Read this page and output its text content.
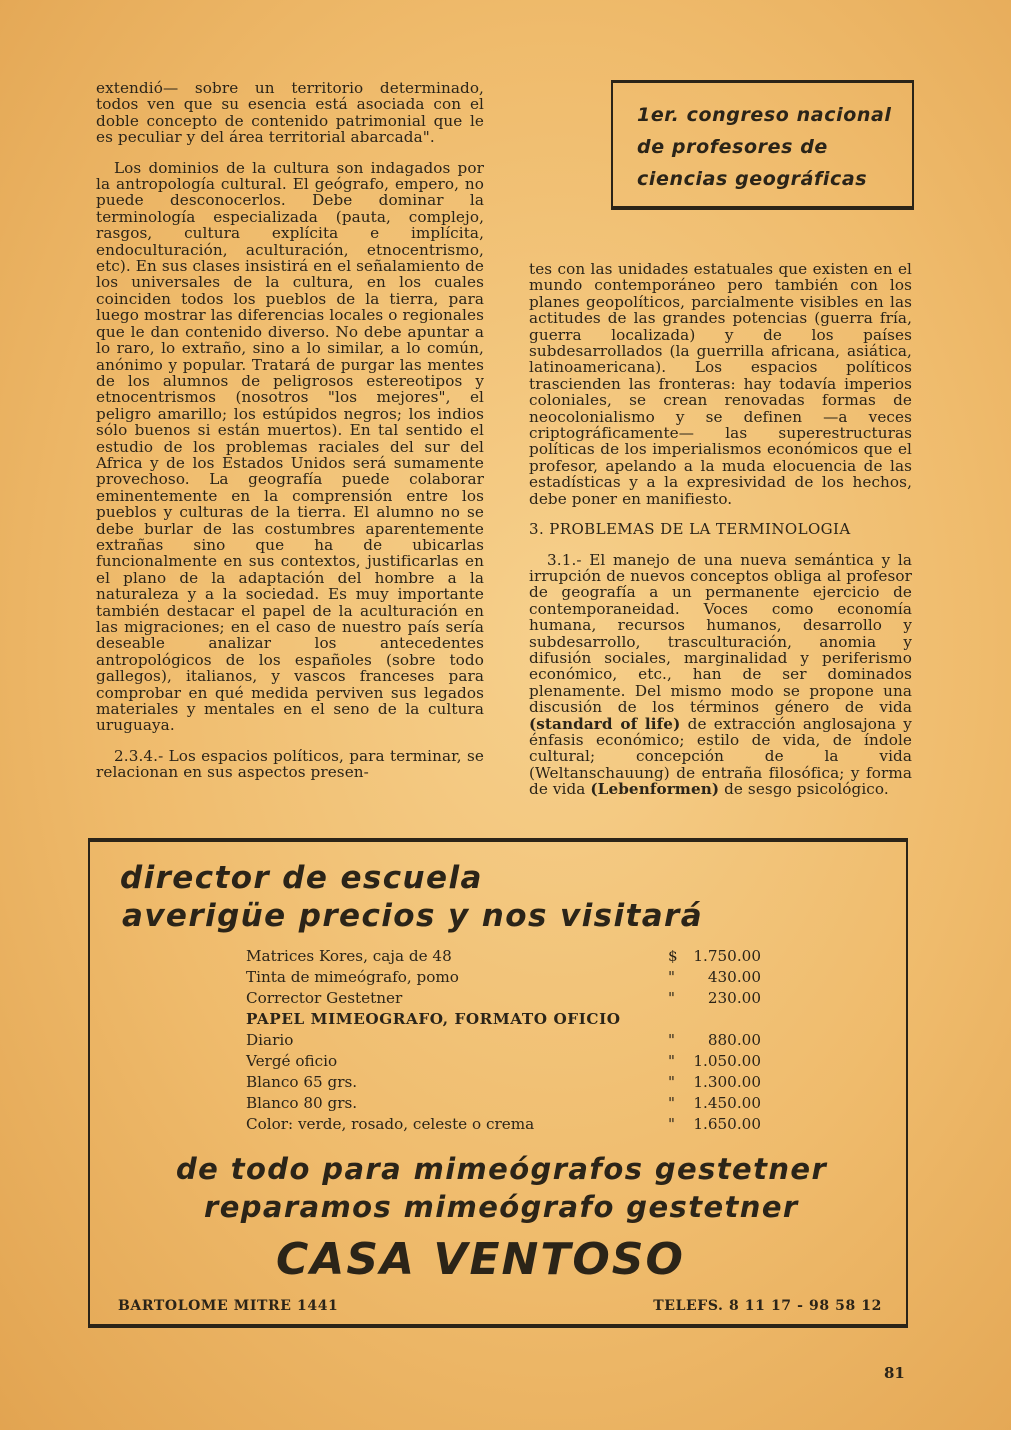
extendió— sobre un territorio determinado, todos ven que su esencia está asociada con el doble concepto de contenido patrimonial que le es peculiar y del área territorial abarcada".

Los dominios de la cultura son indagados por la antropología cultural. El geógrafo, empero, no puede desconocerlos. Debe dominar la terminología especializada (pauta, complejo, rasgos, cultura explícita e implícita, endoculturación, aculturación, etnocentrismo, etc). En sus clases insistirá en el señalamiento de los universales de la cultura, en los cuales coinciden todos los pueblos de la tierra, para luego mostrar las diferencias locales o regionales que le dan contenido diverso. No debe apuntar a lo raro, lo extraño, sino a lo similar, a lo común, anónimo y popular. Tratará de purgar las mentes de los alumnos de peligrosos estereotipos y etnocentrismos (nosotros "los mejores", el peligro amarillo; los estúpidos negros; los indios sólo buenos si están muertos). En tal sentido el estudio de los problemas raciales del sur del Africa y de los Estados Unidos será sumamente provechoso. La geografía puede colaborar eminentemente en la comprensión entre los pueblos y culturas de la tierra. El alumno no se debe burlar de las costumbres aparentemente extrañas sino que ha de ubicarlas funcionalmente en sus contextos, justificarlas en el plano de la adaptación del hombre a la naturaleza y a la sociedad. Es muy importante también destacar el papel de la aculturación en las migraciones; en el caso de nuestro país sería deseable analizar los antecedentes antropológicos de los españoles (sobre todo gallegos), italianos, y vascos franceses para comprobar en qué medida perviven sus legados materiales y mentales en el seno de la cultura uruguaya.

2.3.4.- Los espacios políticos, para terminar, se relacionan en sus aspectos presen-

1er. congreso nacional
de profesores de
ciencias geográficas

tes con las unidades estatuales que existen en el mundo contemporáneo pero también con los planes geopolíticos, parcialmente visibles en las actitudes de las grandes potencias (guerra fría, guerra localizada) y de los países subdesarrollados (la guerrilla africana, asiática, latinoamericana). Los espacios políticos trascienden las fronteras: hay todavía imperios coloniales, se crean renovadas formas de neocolonialismo y se definen —a veces criptográficamente— las superestructuras políticas de los imperialismos económicos que el profesor, apelando a la muda elocuencia de las estadísticas y a la expresividad de los hechos, debe poner en manifiesto.

3. PROBLEMAS DE LA TERMINOLOGIA

3.1.- El manejo de una nueva semántica y la irrupción de nuevos conceptos obliga al profesor de geografía a un permanente ejercicio de contemporaneidad. Voces como economía humana, recursos humanos, desarrollo y subdesarrollo, trasculturación, anomia y difusión sociales, marginalidad y periferismo económico, etc., han de ser dominados plenamente. Del mismo modo se propone una discusión de los términos género de vida (standard of life) de extracción anglosajona y énfasis económico; estilo de vida, de índole cultural; concepción de la vida (Weltanschauung) de entraña filosófica; y forma de vida (Lebenformen) de sesgo psicológico.

director de escuela
averigüe precios y nos visitará
Matrices Kores, caja de 48	$ 1.750.00
Tinta de mimeógrafo, pomo	" 430.00
Corrector Gestetner	" 230.00
PAPEL MIMEOGRAFO, FORMATO OFICIO
Diario	" 880.00
Vergé oficio	" 1.050.00
Blanco 65 grs.	" 1.300.00
Blanco 80 grs.	" 1.450.00
Color: verde, rosado, celeste o crema	" 1.650.00
de todo para mimeógrafos gestetner
reparamos mimeógrafo gestetner
CASA VENTOSO
BARTOLOME MITRE 1441	TELEFS. 8 11 17 - 98 58 12
81
